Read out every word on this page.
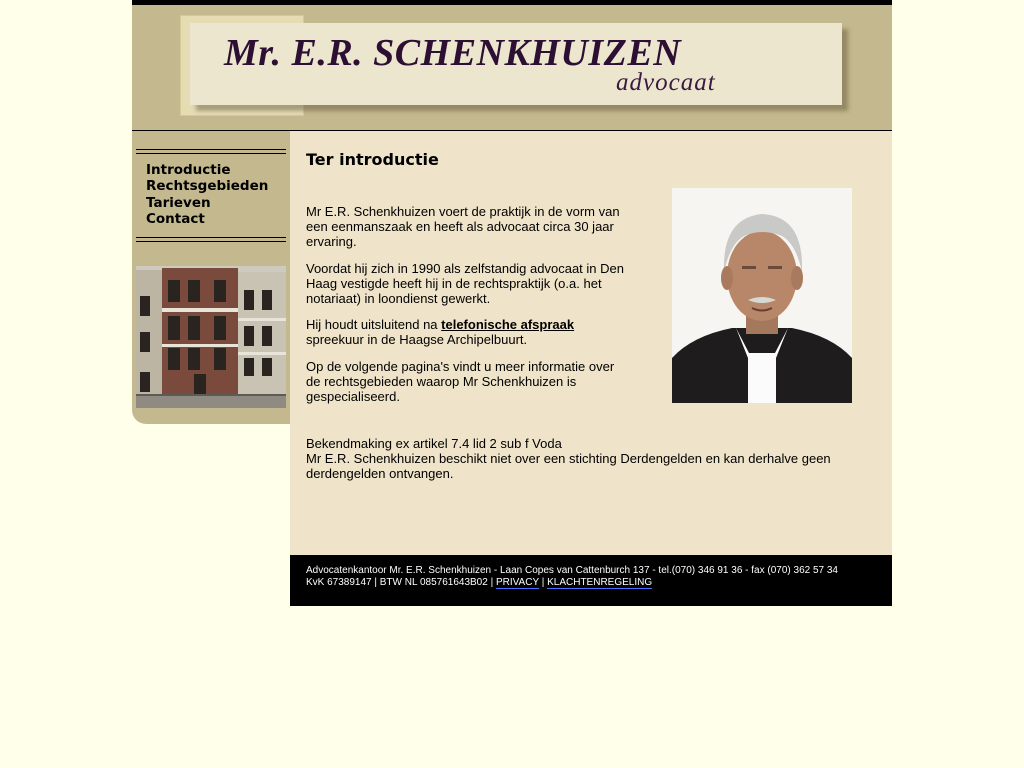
Mr. E.R. SCHENKHUIZEN
advocaat
Introductie
Rechtsgebieden
Tarieven
Contact
Ter introductie

Mr E.R. Schenkhuizen voert de praktijk in de vorm van een eenmanszaak en heeft als advocaat circa 30 jaar ervaring.

Voordat hij zich in 1990 als zelfstandig advocaat in Den Haag vestigde heeft hij in de rechtspraktijk (o.a. het notariaat) in loondienst gewerkt.

Hij houdt uitsluitend na telefonische afspraak spreekuur in de Haagse Archipelbuurt.

Op de volgende pagina's vindt u meer informatie over de rechtsgebieden waarop Mr Schenkhuizen is gespecialiseerd.

Bekendmaking ex artikel 7.4 lid 2 sub f Voda
Mr E.R. Schenkhuizen beschikt niet over een stichting Derdengelden en kan derhalve geen derdengelden ontvangen.
Advocatenkantoor Mr. E.R. Schenkhuizen - Laan Copes van Cattenburch 137 - tel.(070) 346 91 36 - fax (070) 362 57 34
KvK 67389147 | BTW NL 085761643B02 | PRIVACY | KLACHTENREGELING
